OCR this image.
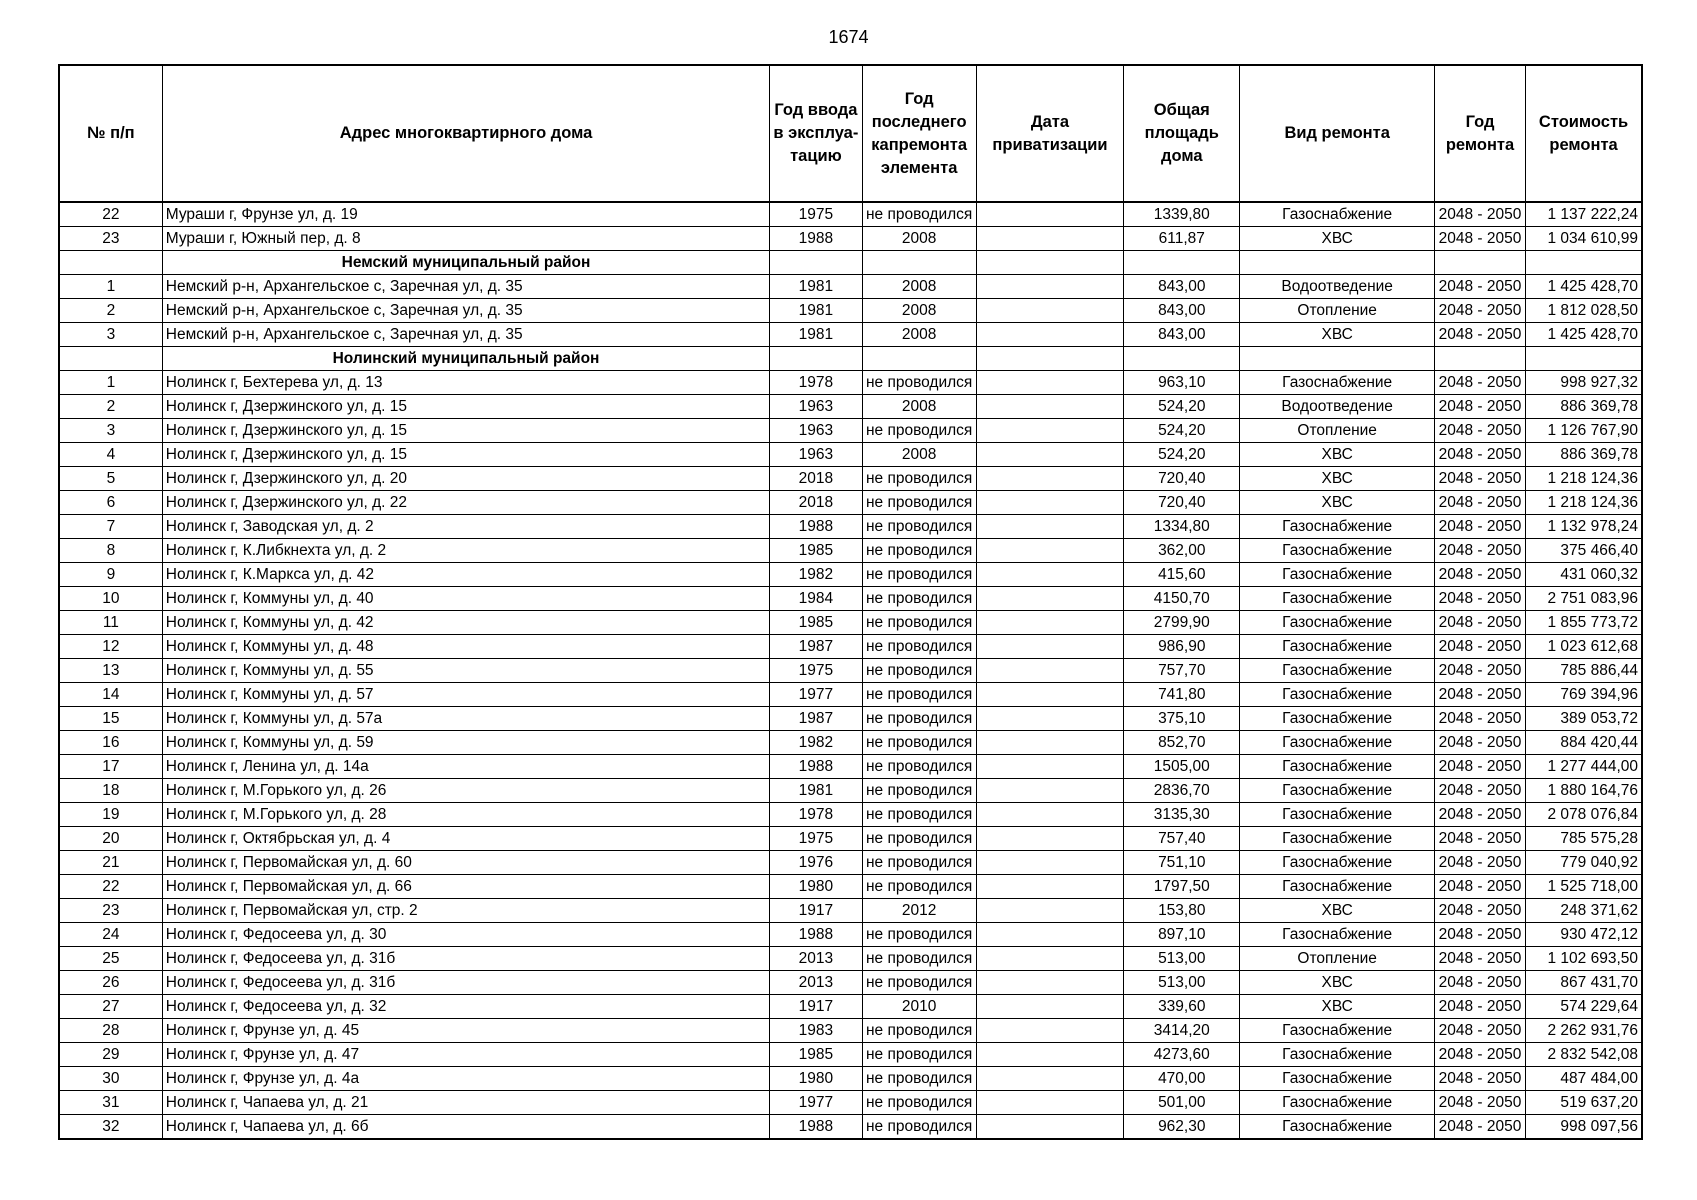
1674
№ п/п	Адрес многоквартирного дома	Год ввода в эксплуа-тацию	Год последнего капремонта элемента	Дата приватизации	Общая площадь дома	Вид ремонта	Год ремонта	Стоимость ремонта
22	Мураши г, Фрунзе ул, д. 19	1975	не проводился		1339,80	Газоснабжение	2048 - 2050	1 137 222,24
23	Мураши г, Южный пер, д. 8	1988	2008		611,87	ХВС	2048 - 2050	1 034 610,99
	Немский муниципальный район							
1	Немский р-н, Архангельское с, Заречная ул, д. 35	1981	2008		843,00	Водоотведение	2048 - 2050	1 425 428,70
2	Немский р-н, Архангельское с, Заречная ул, д. 35	1981	2008		843,00	Отопление	2048 - 2050	1 812 028,50
3	Немский р-н, Архангельское с, Заречная ул, д. 35	1981	2008		843,00	ХВС	2048 - 2050	1 425 428,70
	Нолинский муниципальный район							
1	Нолинск г, Бехтерева ул, д. 13	1978	не проводился		963,10	Газоснабжение	2048 - 2050	998 927,32
2	Нолинск г, Дзержинского ул, д. 15	1963	2008		524,20	Водоотведение	2048 - 2050	886 369,78
3	Нолинск г, Дзержинского ул, д. 15	1963	не проводился		524,20	Отопление	2048 - 2050	1 126 767,90
4	Нолинск г, Дзержинского ул, д. 15	1963	2008		524,20	ХВС	2048 - 2050	886 369,78
5	Нолинск г, Дзержинского ул, д. 20	2018	не проводился		720,40	ХВС	2048 - 2050	1 218 124,36
6	Нолинск г, Дзержинского ул, д. 22	2018	не проводился		720,40	ХВС	2048 - 2050	1 218 124,36
7	Нолинск г, Заводская ул, д. 2	1988	не проводился		1334,80	Газоснабжение	2048 - 2050	1 132 978,24
8	Нолинск г, К.Либкнехта ул, д. 2	1985	не проводился		362,00	Газоснабжение	2048 - 2050	375 466,40
9	Нолинск г, К.Маркса ул, д. 42	1982	не проводился		415,60	Газоснабжение	2048 - 2050	431 060,32
10	Нолинск г, Коммуны ул, д. 40	1984	не проводился		4150,70	Газоснабжение	2048 - 2050	2 751 083,96
11	Нолинск г, Коммуны ул, д. 42	1985	не проводился		2799,90	Газоснабжение	2048 - 2050	1 855 773,72
12	Нолинск г, Коммуны ул, д. 48	1987	не проводился		986,90	Газоснабжение	2048 - 2050	1 023 612,68
13	Нолинск г, Коммуны ул, д. 55	1975	не проводился		757,70	Газоснабжение	2048 - 2050	785 886,44
14	Нолинск г, Коммуны ул, д. 57	1977	не проводился		741,80	Газоснабжение	2048 - 2050	769 394,96
15	Нолинск г, Коммуны ул, д. 57а	1987	не проводился		375,10	Газоснабжение	2048 - 2050	389 053,72
16	Нолинск г, Коммуны ул, д. 59	1982	не проводился		852,70	Газоснабжение	2048 - 2050	884 420,44
17	Нолинск г, Ленина ул, д. 14а	1988	не проводился		1505,00	Газоснабжение	2048 - 2050	1 277 444,00
18	Нолинск г, М.Горького ул, д. 26	1981	не проводился		2836,70	Газоснабжение	2048 - 2050	1 880 164,76
19	Нолинск г, М.Горького ул, д. 28	1978	не проводился		3135,30	Газоснабжение	2048 - 2050	2 078 076,84
20	Нолинск г, Октябрьская ул, д. 4	1975	не проводился		757,40	Газоснабжение	2048 - 2050	785 575,28
21	Нолинск г, Первомайская ул, д. 60	1976	не проводился		751,10	Газоснабжение	2048 - 2050	779 040,92
22	Нолинск г, Первомайская ул, д. 66	1980	не проводился		1797,50	Газоснабжение	2048 - 2050	1 525 718,00
23	Нолинск г, Первомайская ул, стр. 2	1917	2012		153,80	ХВС	2048 - 2050	248 371,62
24	Нолинск г, Федосеева ул, д. 30	1988	не проводился		897,10	Газоснабжение	2048 - 2050	930 472,12
25	Нолинск г, Федосеева ул, д. 31б	2013	не проводился		513,00	Отопление	2048 - 2050	1 102 693,50
26	Нолинск г, Федосеева ул, д. 31б	2013	не проводился		513,00	ХВС	2048 - 2050	867 431,70
27	Нолинск г, Федосеева ул, д. 32	1917	2010		339,60	ХВС	2048 - 2050	574 229,64
28	Нолинск г, Фрунзе ул, д. 45	1983	не проводился		3414,20	Газоснабжение	2048 - 2050	2 262 931,76
29	Нолинск г, Фрунзе ул, д. 47	1985	не проводился		4273,60	Газоснабжение	2048 - 2050	2 832 542,08
30	Нолинск г, Фрунзе ул, д. 4а	1980	не проводился		470,00	Газоснабжение	2048 - 2050	487 484,00
31	Нолинск г, Чапаева ул, д. 21	1977	не проводился		501,00	Газоснабжение	2048 - 2050	519 637,20
32	Нолинск г, Чапаева ул, д. 6б	1988	не проводился		962,30	Газоснабжение	2048 - 2050	998 097,56
